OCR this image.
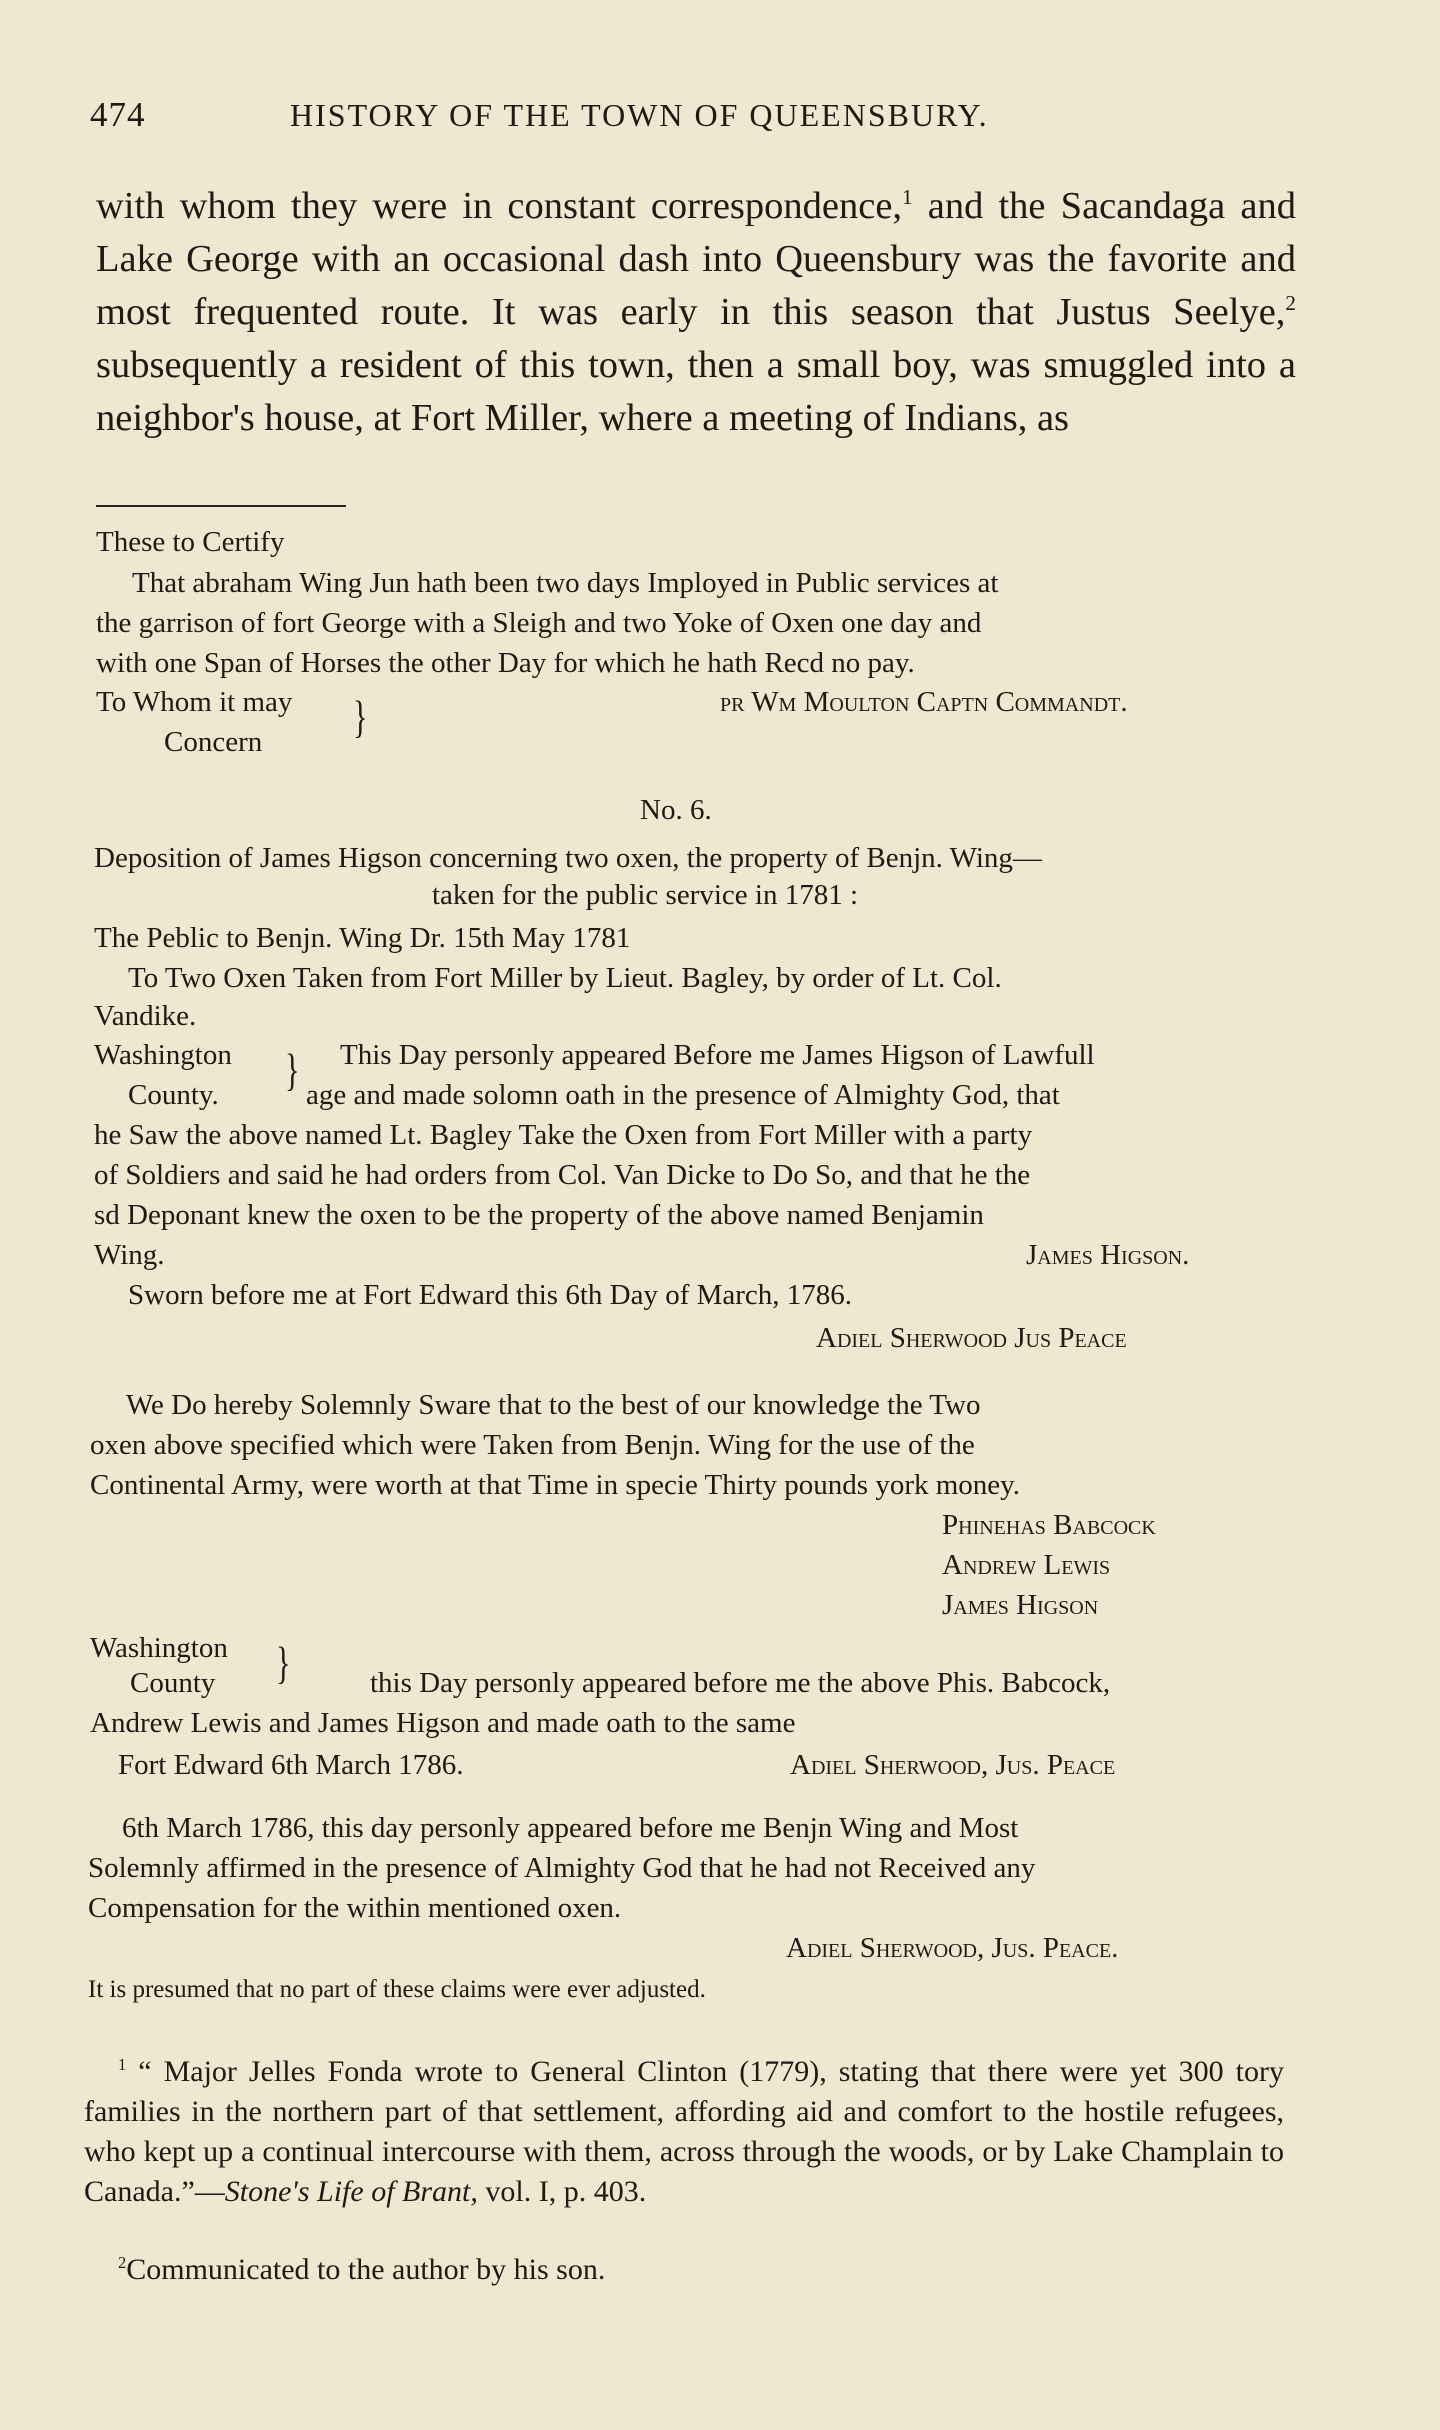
474	HISTORY OF THE TOWN OF QUEENSBURY.

with whom they were in constant correspondence,$^1$ and the Sacandaga and Lake George with an occasional dash into Queensbury was the favorite and most frequented route. It was early in this season that Justus Seelye,$^2$ subsequently a resident of this town, then a small boy, was smuggled into a neighbor's house, at Fort Miller, where a meeting of Indians, as

These to Certify
That abraham Wing Jun hath been two days Imployed in Public services at
the garrison of fort George with a Sleigh and two Yoke of Oxen one day and
with one Span of Horses the other Day for which he hath Recd no pay.
To Whom it may }
Concern
pr Wm Moulton Captn Commandt.
No. 6.
Deposition of James Higson concerning two oxen, the property of Benjn. Wing—
taken for the public service in 1781 :
The Peblic to Benjn. Wing Dr. 15th May 1781
To Two Oxen Taken from Fort Miller by Lieut. Bagley, by order of Lt. Col.
Vandike.
Washington }
County.
This Day personly appeared Before me James Higson of Lawfull
age and made solomn oath in the presence of Almighty God, that
he Saw the above named Lt. Bagley Take the Oxen from Fort Miller with a party
of Soldiers and said he had orders from Col. Van Dicke to Do So, and that he the
sd Deponant knew the oxen to be the property of the above named Benjamin
Wing.	James Higson.
Sworn before me at Fort Edward this 6th Day of March, 1786.
Adiel Sherwood Jus Peace
We Do hereby Solemnly Sware that to the best of our knowledge the Two
oxen above specified which were Taken from Benjn. Wing for the use of the
Continental Army, were worth at that Time in specie Thirty pounds york money.
Phinehas Babcock
Andrew Lewis
James Higson
Washington }
County	this Day personly appeared before me the above Phis. Babcock,
Andrew Lewis and James Higson and made oath to the same
Fort Edward 6th March 1786.	Adiel Sherwood, Jus. Peace
6th March 1786, this day personly appeared before me Benjn Wing and Most
Solemnly affirmed in the presence of Almighty God that he had not Received any
Compensation for the within mentioned oxen.
Adiel Sherwood, Jus. Peace.
It is presumed that no part of these claims were ever adjusted.
$^1$ “ Major Jelles Fonda wrote to General Clinton (1779), stating that there were yet 300 tory families in the northern part of that settlement, affording aid and comfort to the hostile refugees, who kept up a continual intercourse with them, across through the woods, or by Lake Champlain to Canada.”—Stone's Life of Brant, vol. I, p. 403.
$^2$Communicated to the author by his son.
